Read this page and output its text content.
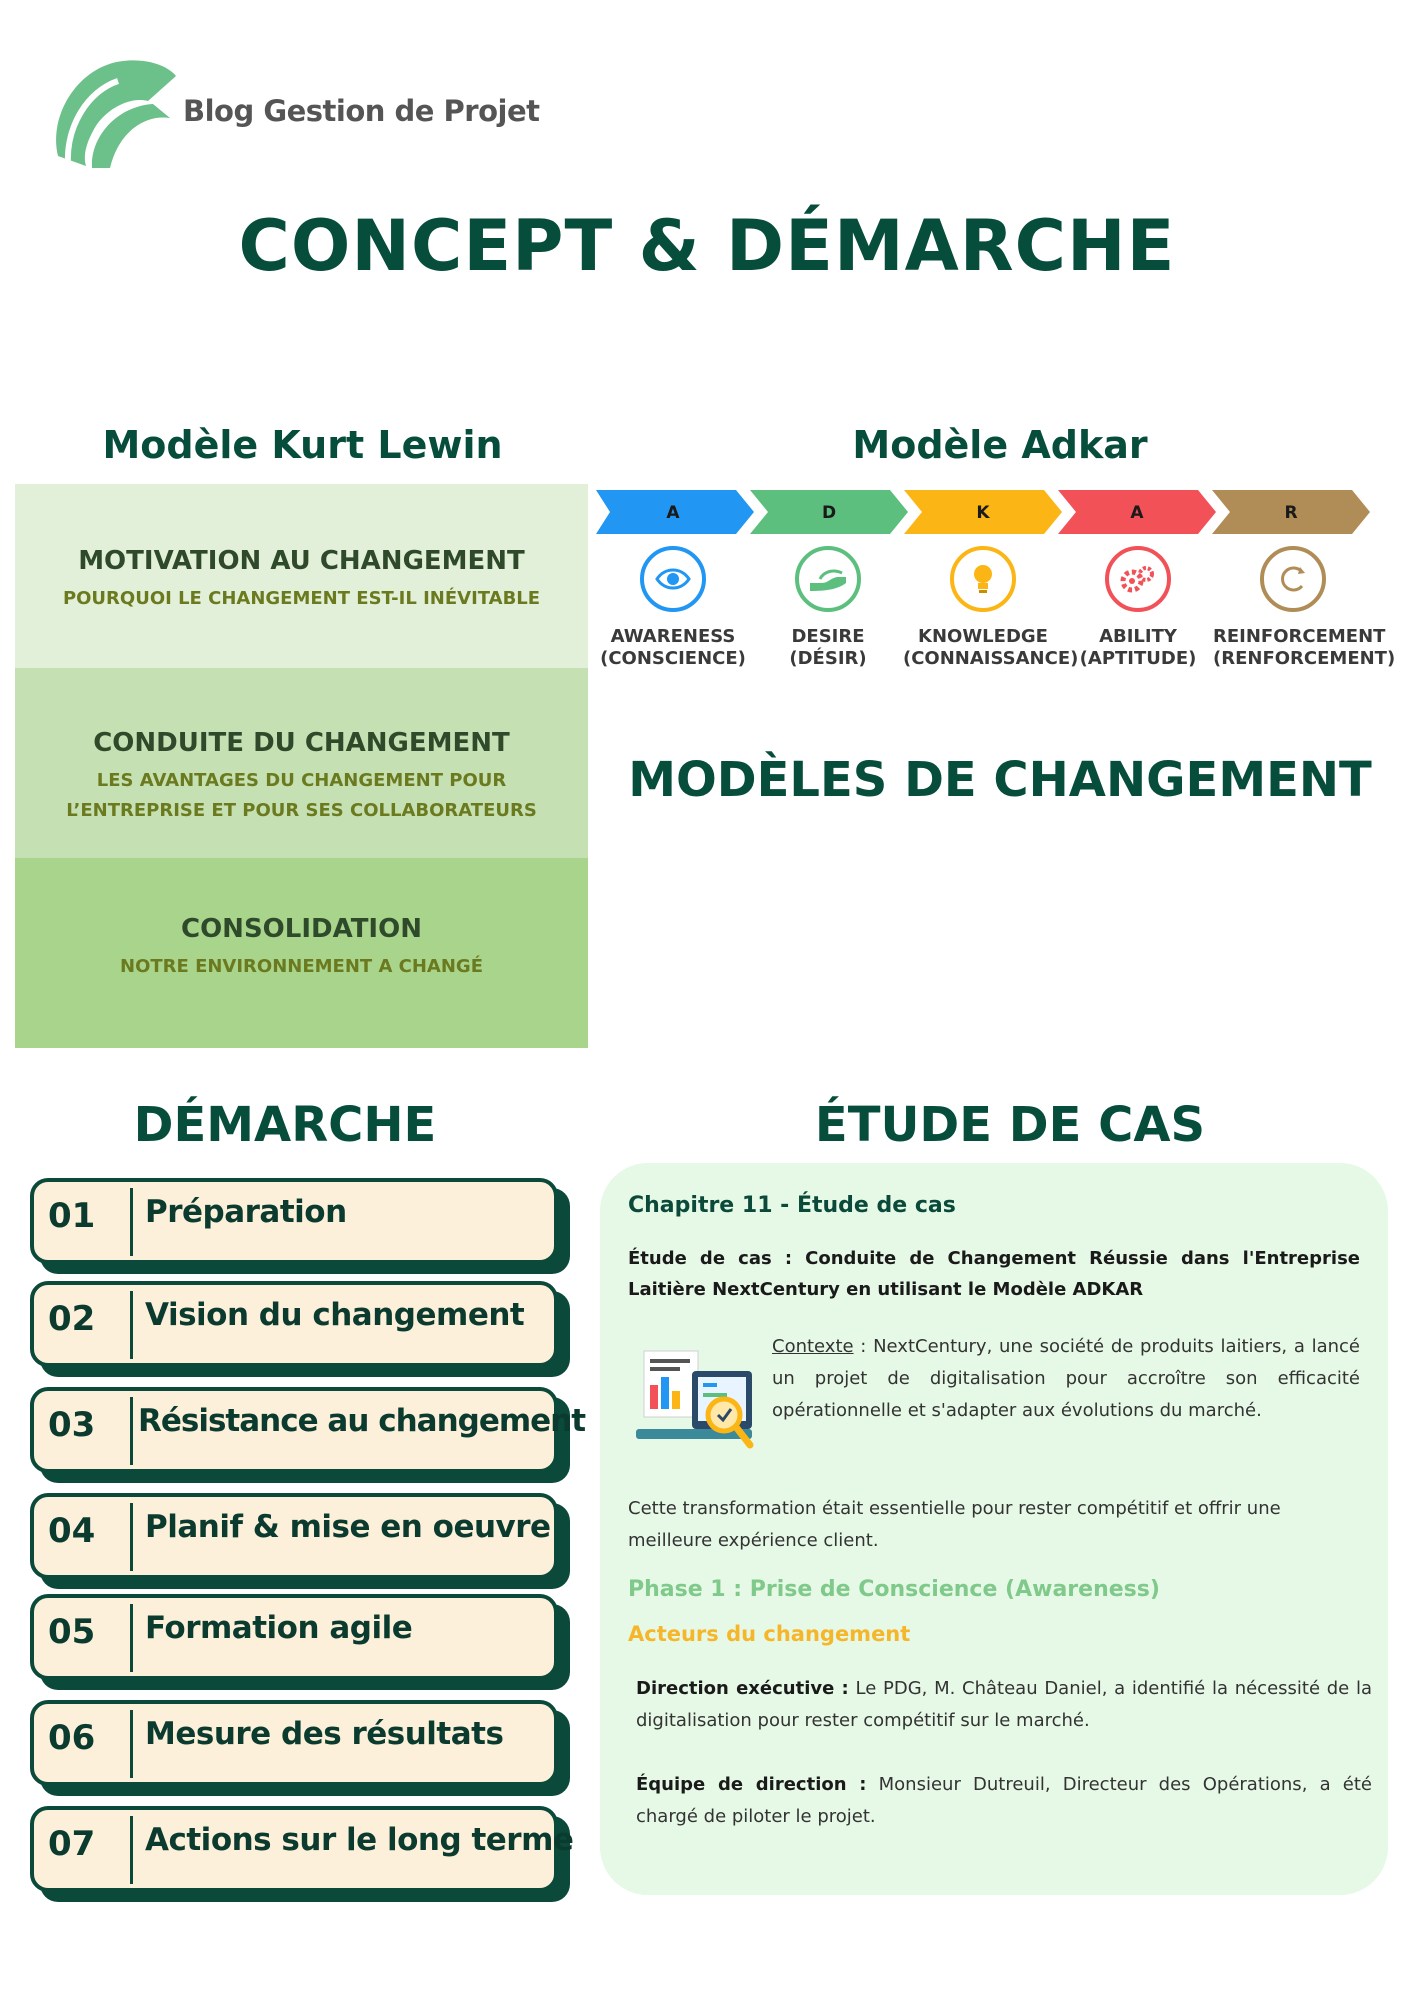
Blog Gestion de Projet
CONCEPT & DÉMARCHE
Modèle Kurt Lewin
MOTIVATION AU CHANGEMENT
POURQUOI LE CHANGEMENT EST-IL INÉVITABLE
CONDUITE DU CHANGEMENT
LES AVANTAGES DU CHANGEMENT POUR
L’ENTREPRISE ET POUR SES COLLABORATEURS
CONSOLIDATION
NOTRE ENVIRONNEMENT A CHANGÉ
Modèle Adkar
A	D	K	A	R
AWARENESS
(CONSCIENCE)
DESIRE
(DÉSIR)
KNOWLEDGE
(CONNAISSANCE)
ABILITY
(APTITUDE)
REINFORCEMENT
(RENFORCEMENT)
MODÈLES DE CHANGEMENT
DÉMARCHE
01 Préparation
02 Vision du changement
03 Résistance au changement
04 Planif & mise en oeuvre
05 Formation agile
06 Mesure des résultats
07 Actions sur le long terme
ÉTUDE DE CAS
Chapitre 11 - Étude de cas
Étude de cas : Conduite de Changement Réussie dans l'Entreprise Laitière NextCentury en utilisant le Modèle ADKAR
Contexte : NextCentury, une société de produits laitiers, a lancé un projet de digitalisation pour accroître son efficacité opérationnelle et s'adapter aux évolutions du marché.
Cette transformation était essentielle pour rester compétitif et offrir une meilleure expérience client.
Phase 1 : Prise de Conscience (Awareness)
Acteurs du changement
Direction exécutive : Le PDG, M. Château Daniel, a identifié la nécessité de la digitalisation pour rester compétitif sur le marché.
Équipe de direction : Monsieur Dutreuil, Directeur des Opérations, a été chargé de piloter le projet.
